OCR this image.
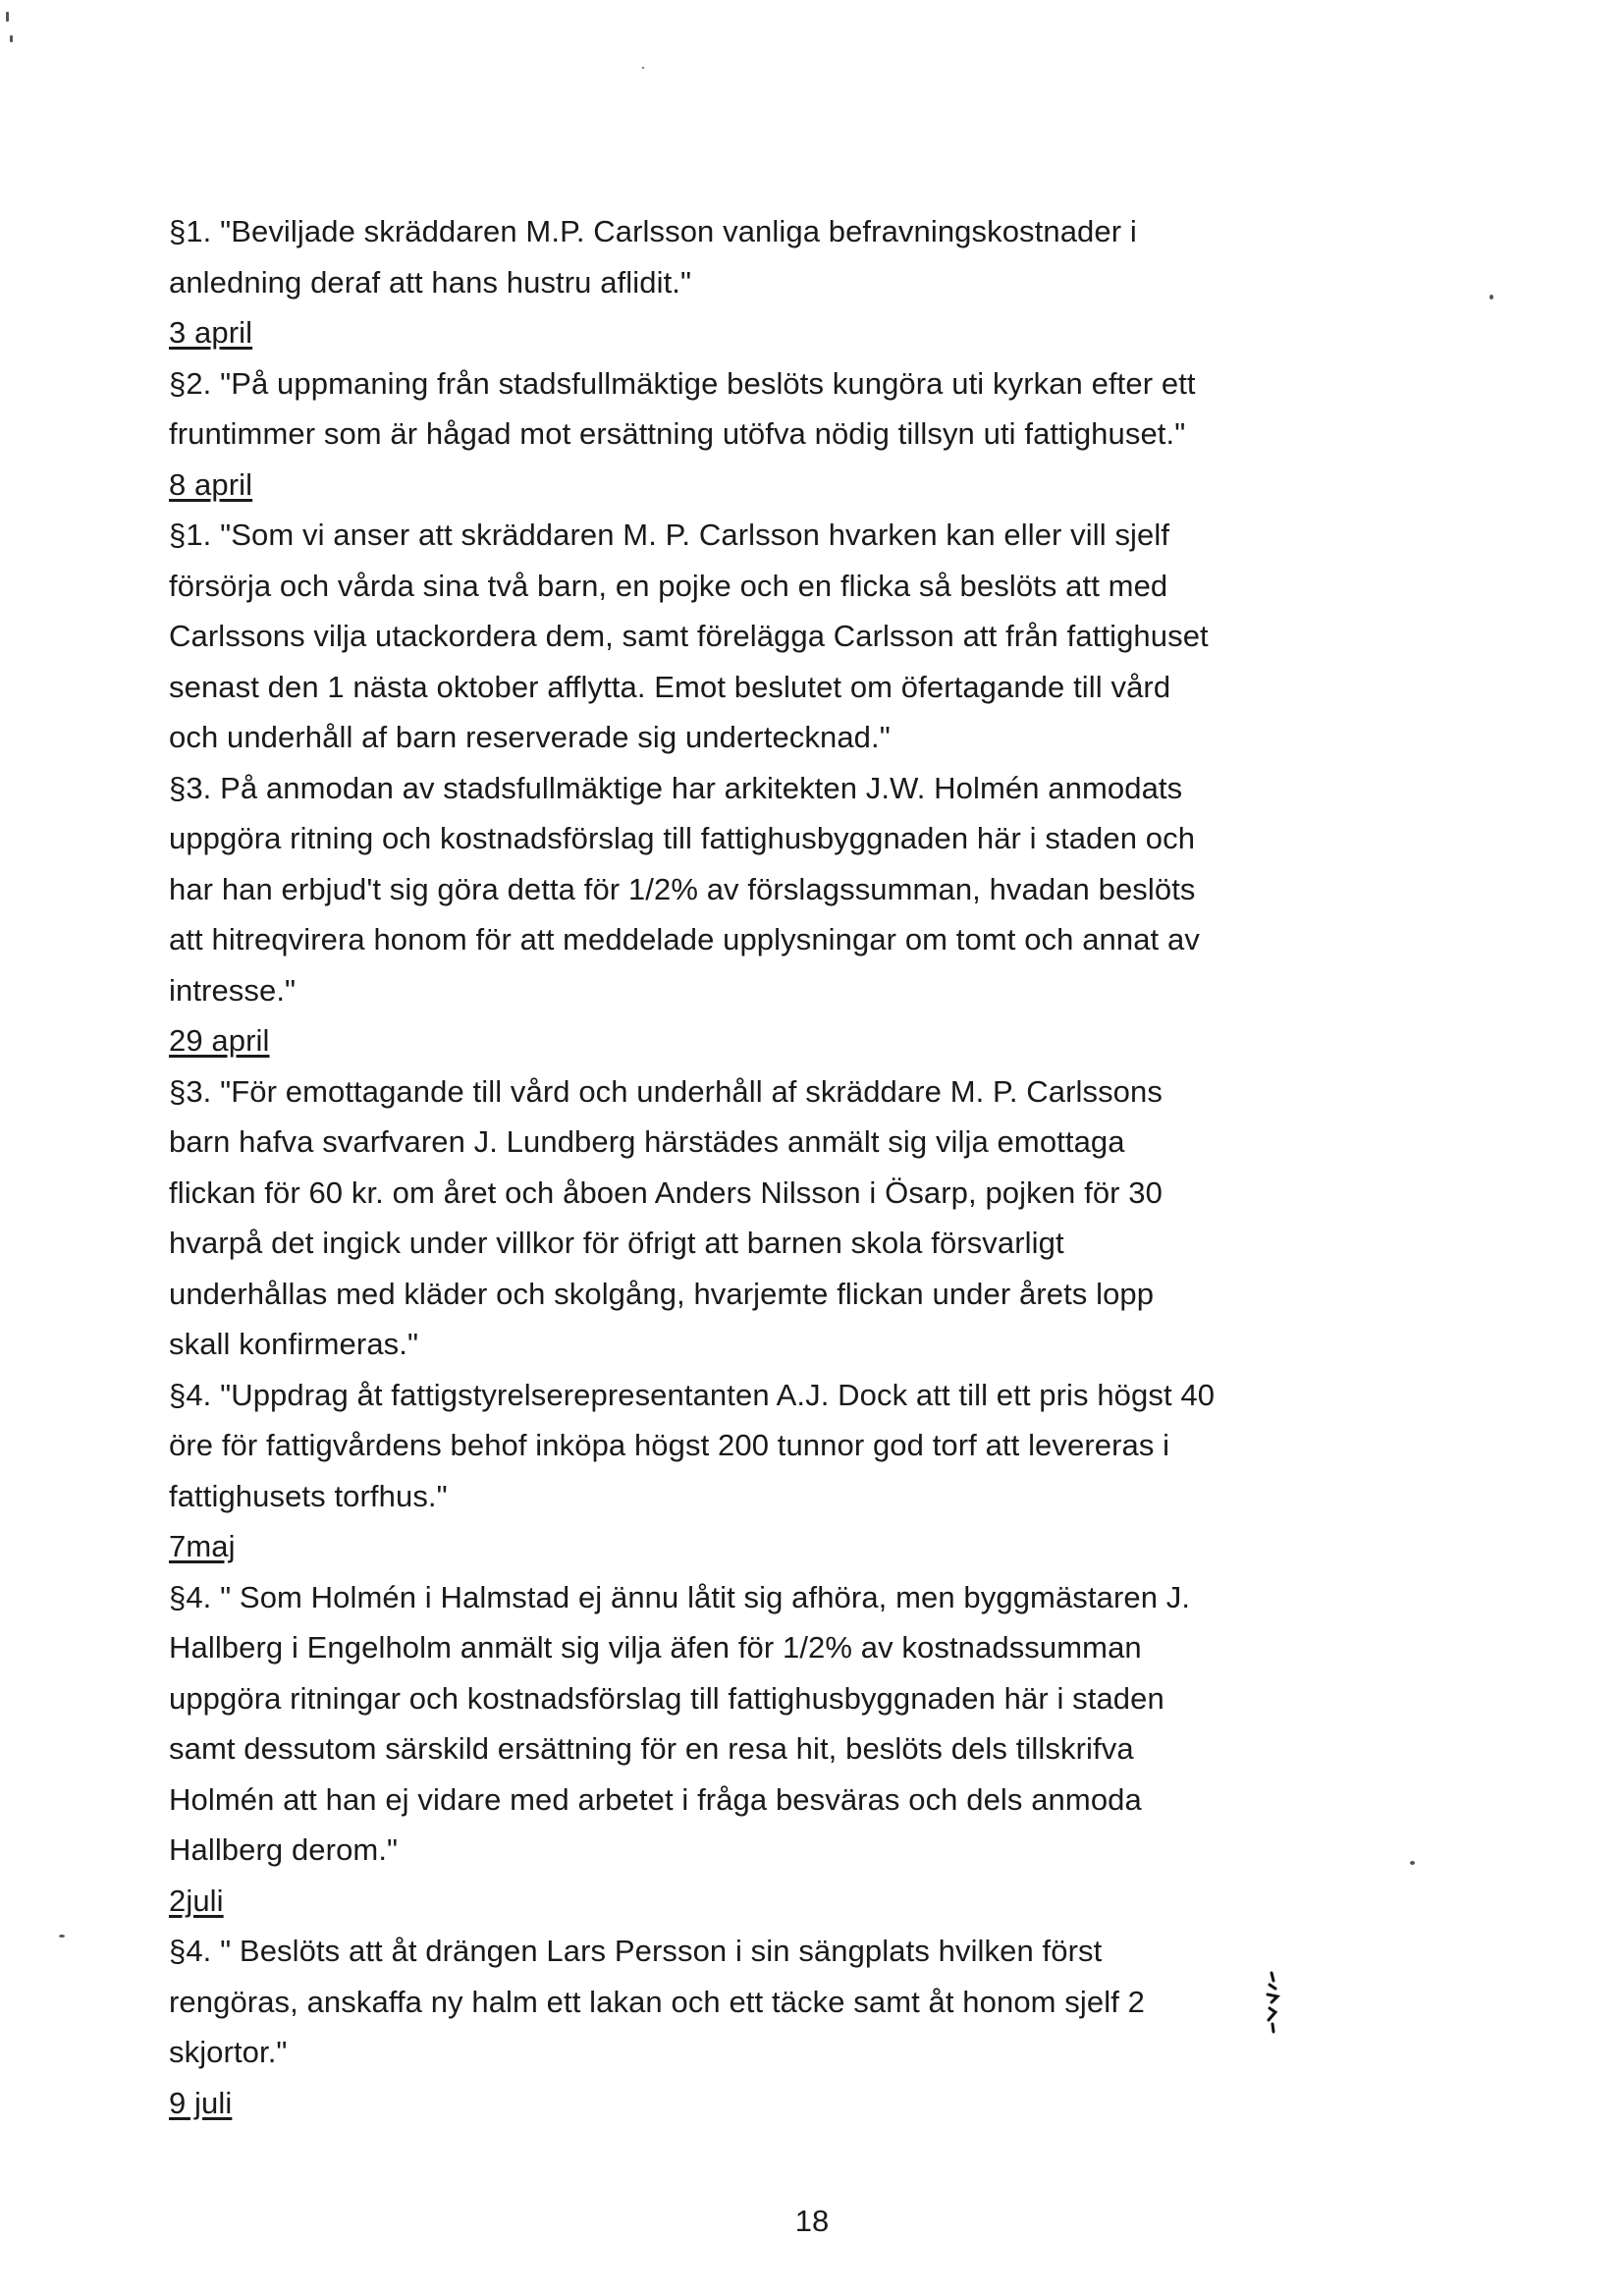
§1. "Beviljade skräddaren M.P. Carlsson vanliga befravningskostnader i
anledning deraf att hans hustru aflidit."
3 april
§2. "På uppmaning från stadsfullmäktige beslöts kungöra uti kyrkan efter ett
fruntimmer som är hågad mot ersättning utöfva nödig tillsyn uti fattighuset."
8 april
§1. "Som vi anser att skräddaren M. P. Carlsson hvarken kan eller vill sjelf
försörja och vårda sina två barn, en pojke och en flicka så beslöts att med
Carlssons vilja utackordera dem, samt förelägga Carlsson att från fattighuset
senast den 1 nästa oktober afflytta. Emot beslutet om öfertagande till vård
och underhåll af barn reserverade sig undertecknad."
§3. På anmodan av stadsfullmäktige har arkitekten J.W. Holmén anmodats
uppgöra ritning och kostnadsförslag till fattighusbyggnaden här i staden och
har han erbjud't sig göra detta för 1/2% av förslagssumman, hvadan beslöts
att hitreqvirera honom för att meddelade upplysningar om tomt och annat av
intresse."
29 april
§3. "För emottagande till vård och underhåll af skräddare M. P. Carlssons
barn hafva svarfvaren J. Lundberg härstädes anmält sig vilja emottaga
flickan för 60 kr. om året och åboen Anders Nilsson i Ösarp, pojken för 30
hvarpå det ingick under villkor för öfrigt att barnen skola försvarligt
underhållas med kläder och skolgång, hvarjemte flickan under årets lopp
skall konfirmeras."
§4. "Uppdrag åt fattigstyrelserepresentanten A.J. Dock att till ett pris högst 40
öre för fattigvårdens behof inköpa högst 200 tunnor god torf att levereras i
fattighusets torfhus."
7maj
§4. " Som Holmén i Halmstad ej ännu låtit sig afhöra, men byggmästaren J.
Hallberg i Engelholm anmält sig vilja äfen för 1/2% av kostnadssumman
uppgöra ritningar och kostnadsförslag till fattighusbyggnaden här i staden
samt dessutom särskild ersättning för en resa hit, beslöts dels tillskrifva
Holmén att han ej vidare med arbetet i fråga besväras och dels anmoda
Hallberg derom."
2juli
§4. " Beslöts att åt drängen Lars Persson i sin sängplats hvilken först
rengöras, anskaffa ny halm ett lakan och ett täcke samt åt honom sjelf 2
skjortor."
9 juli
18
